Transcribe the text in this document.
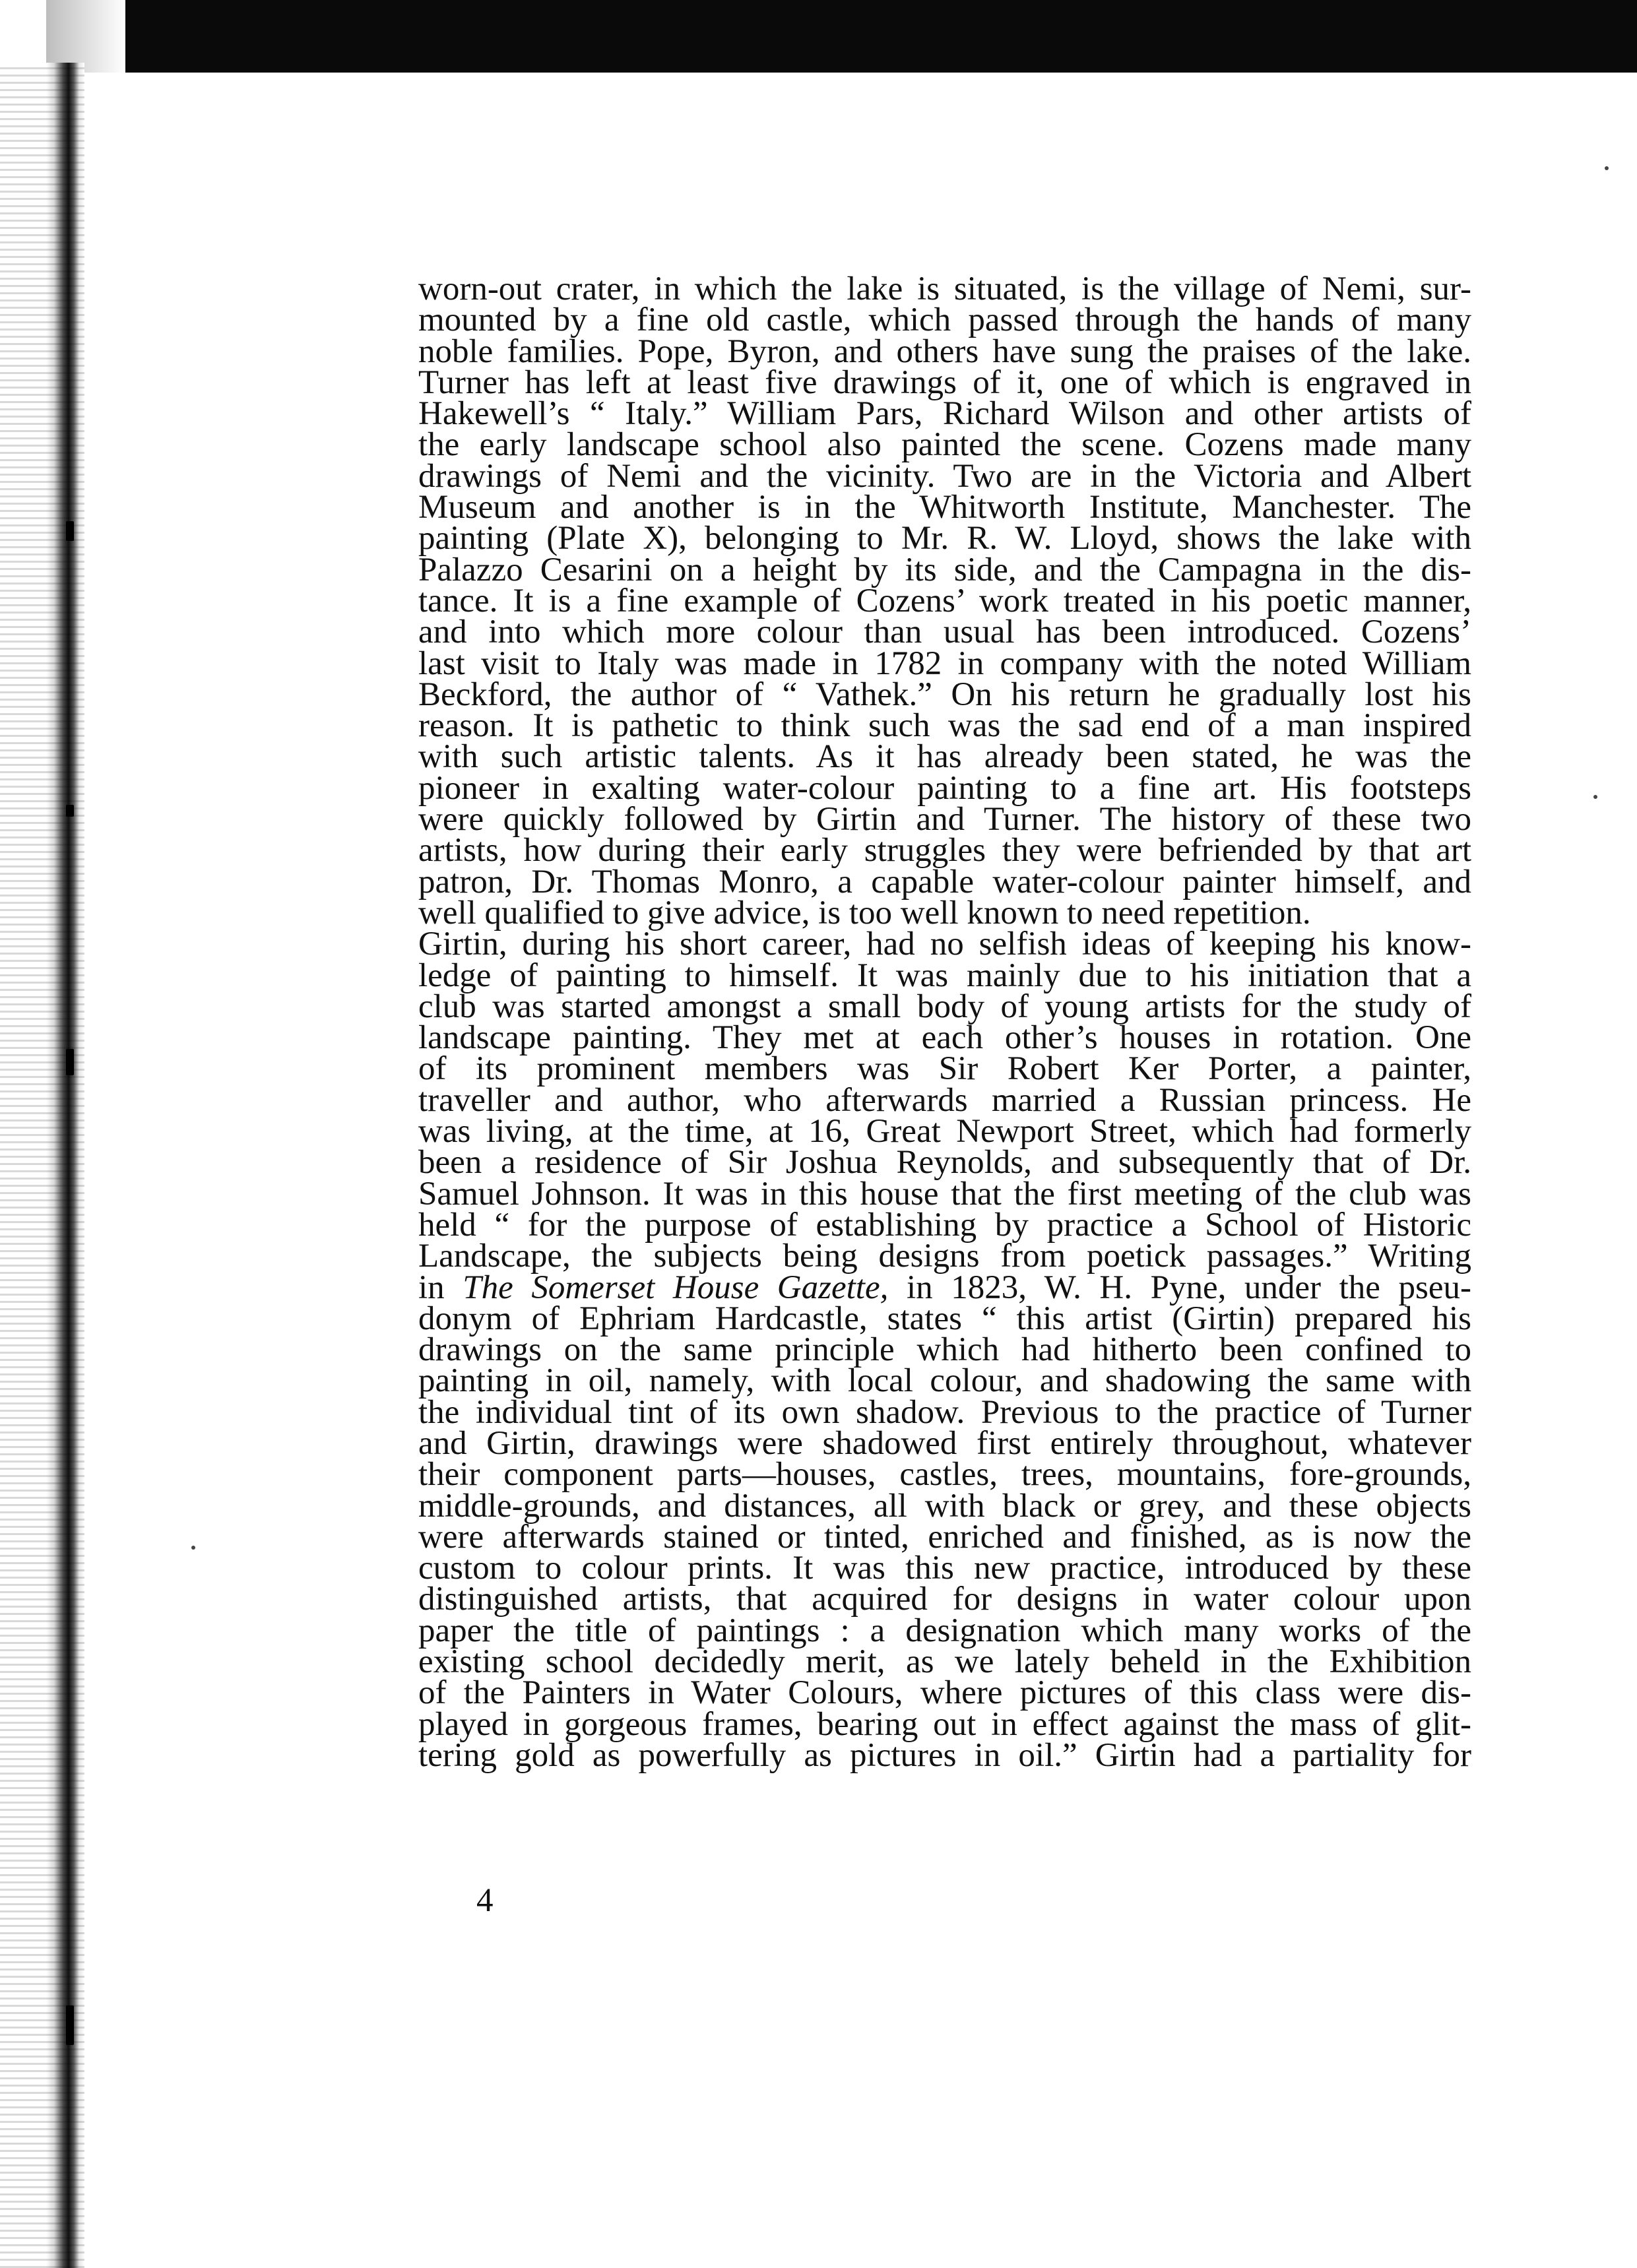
worn-out crater, in which the lake is situated, is the village of Nemi, sur-
mounted by a fine old castle, which passed through the hands of many
noble families. Pope, Byron, and others have sung the praises of the lake.
Turner has left at least five drawings of it, one of which is engraved in
Hakewell’s “ Italy.” William Pars, Richard Wilson and other artists of
the early landscape school also painted the scene. Cozens made many
drawings of Nemi and the vicinity. Two are in the Victoria and Albert
Museum and another is in the Whitworth Institute, Manchester. The
painting (Plate X), belonging to Mr. R. W. Lloyd, shows the lake with
Palazzo Cesarini on a height by its side, and the Campagna in the dis-
tance. It is a fine example of Cozens’ work treated in his poetic manner,
and into which more colour than usual has been introduced. Cozens’
last visit to Italy was made in 1782 in company with the noted William
Beckford, the author of “ Vathek.” On his return he gradually lost his
reason. It is pathetic to think such was the sad end of a man inspired
with such artistic talents. As it has already been stated, he was the
pioneer in exalting water-colour painting to a fine art. His footsteps
were quickly followed by Girtin and Turner. The history of these two
artists, how during their early struggles they were befriended by that art
patron, Dr. Thomas Monro, a capable water-colour painter himself, and
well qualified to give advice, is too well known to need repetition.
Girtin, during his short career, had no selfish ideas of keeping his know-
ledge of painting to himself. It was mainly due to his initiation that a
club was started amongst a small body of young artists for the study of
landscape painting. They met at each other’s houses in rotation. One
of its prominent members was Sir Robert Ker Porter, a painter,
traveller and author, who afterwards married a Russian princess. He
was living, at the time, at 16, Great Newport Street, which had formerly
been a residence of Sir Joshua Reynolds, and subsequently that of Dr.
Samuel Johnson. It was in this house that the first meeting of the club was
held “ for the purpose of establishing by practice a School of Historic
Landscape, the subjects being designs from poetick passages.” Writing
in The Somerset House Gazette, in 1823, W. H. Pyne, under the pseu-
donym of Ephriam Hardcastle, states “ this artist (Girtin) prepared his
drawings on the same principle which had hitherto been confined to
painting in oil, namely, with local colour, and shadowing the same with
the individual tint of its own shadow. Previous to the practice of Turner
and Girtin, drawings were shadowed first entirely throughout, whatever
their component parts—houses, castles, trees, mountains, fore-grounds,
middle-grounds, and distances, all with black or grey, and these objects
were afterwards stained or tinted, enriched and finished, as is now the
custom to colour prints. It was this new practice, introduced by these
distinguished artists, that acquired for designs in water colour upon
paper the title of paintings : a designation which many works of the
existing school decidedly merit, as we lately beheld in the Exhibition
of the Painters in Water Colours, where pictures of this class were dis-
played in gorgeous frames, bearing out in effect against the mass of glit-
tering gold as powerfully as pictures in oil.” Girtin had a partiality for
4
